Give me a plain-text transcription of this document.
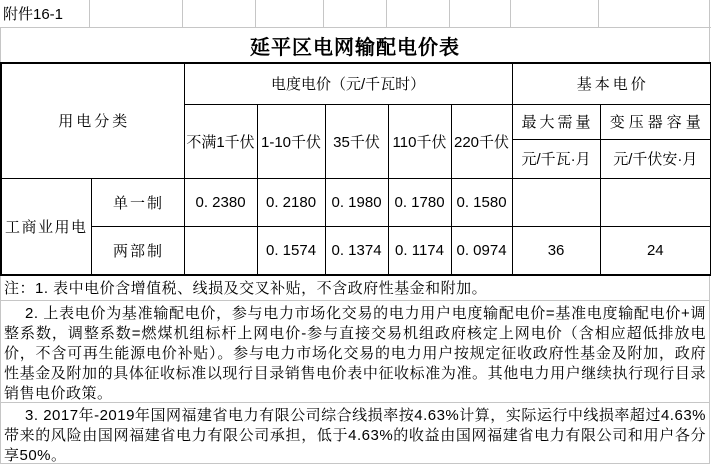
附件16-1
延平区电网输配电价表
用电分类		电度电价（元/千瓦时）					基本电价	
		不满1千伏	1-10千伏	35千伏	110千伏	220千伏	最大需量	变压器容量
							元/千瓦·月	元/千伏安·月
工商业用电	单一制	0. 2380	0. 2180	0. 1980	0. 1780	0. 1580		
	两部制		0. 1574	0. 1374	0. 1174	0. 0974	36	24

注：1. 表中电价含增值税、线损及交叉补贴，不含政府性基金和附加。

2. 上表电价为基准输配电价，参与电力市场化交易的电力用户电度输配电价=基准电度输配电价+调整系数，调整系数=燃煤机组标杆上网电价-参与直接交易机组政府核定上网电价（含相应超低排放电价，不含可再生能源电价补贴）。参与电力市场化交易的电力用户按规定征收政府性基金及附加，政府性基金及附加的具体征收标准以现行目录销售电价表中征收标准为准。其他电力用户继续执行现行目录销售电价政策。

3. 2017年-2019年国网福建省电力有限公司综合线损率按4.63%计算，实际运行中线损率超过4.63%带来的风险由国网福建省电力有限公司承担，低于4.63%的收益由国网福建省电力有限公司和用户各分享50%。
